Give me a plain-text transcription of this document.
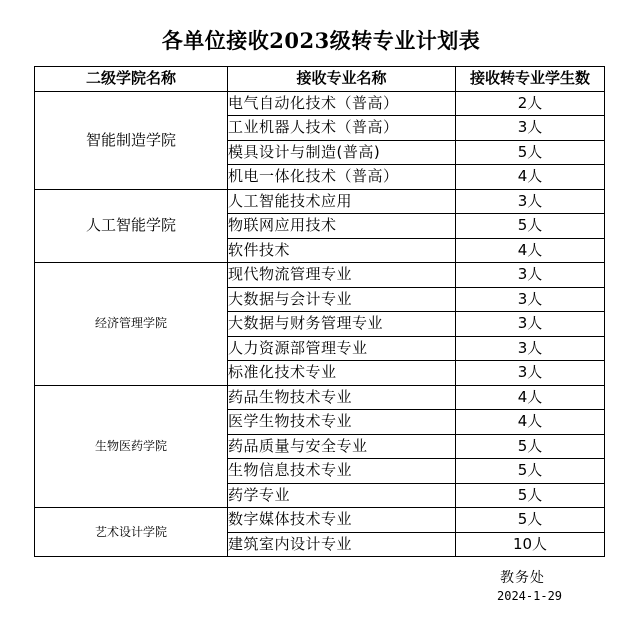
各单位接收2023级转专业计划表
二级学院名称	接收专业名称	接收转专业学生数
智能制造学院	电气自动化技术（普高）	2人
	工业机器人技术（普高）	3人
	模具设计与制造(普高)	5人
	机电一体化技术（普高）	4人
人工智能学院	人工智能技术应用	3人
	物联网应用技术	5人
	软件技术	4人
经济管理学院	现代物流管理专业	3人
	大数据与会计专业	3人
	大数据与财务管理专业	3人
	人力资源部管理专业	3人
	标准化技术专业	3人
生物医药学院	药品生物技术专业	4人
	医学生物技术专业	4人
	药品质量与安全专业	5人
	生物信息技术专业	5人
	药学专业	5人
艺术设计学院	数字媒体技术专业	5人
	建筑室内设计专业	10人
教务处
2024-1-29
